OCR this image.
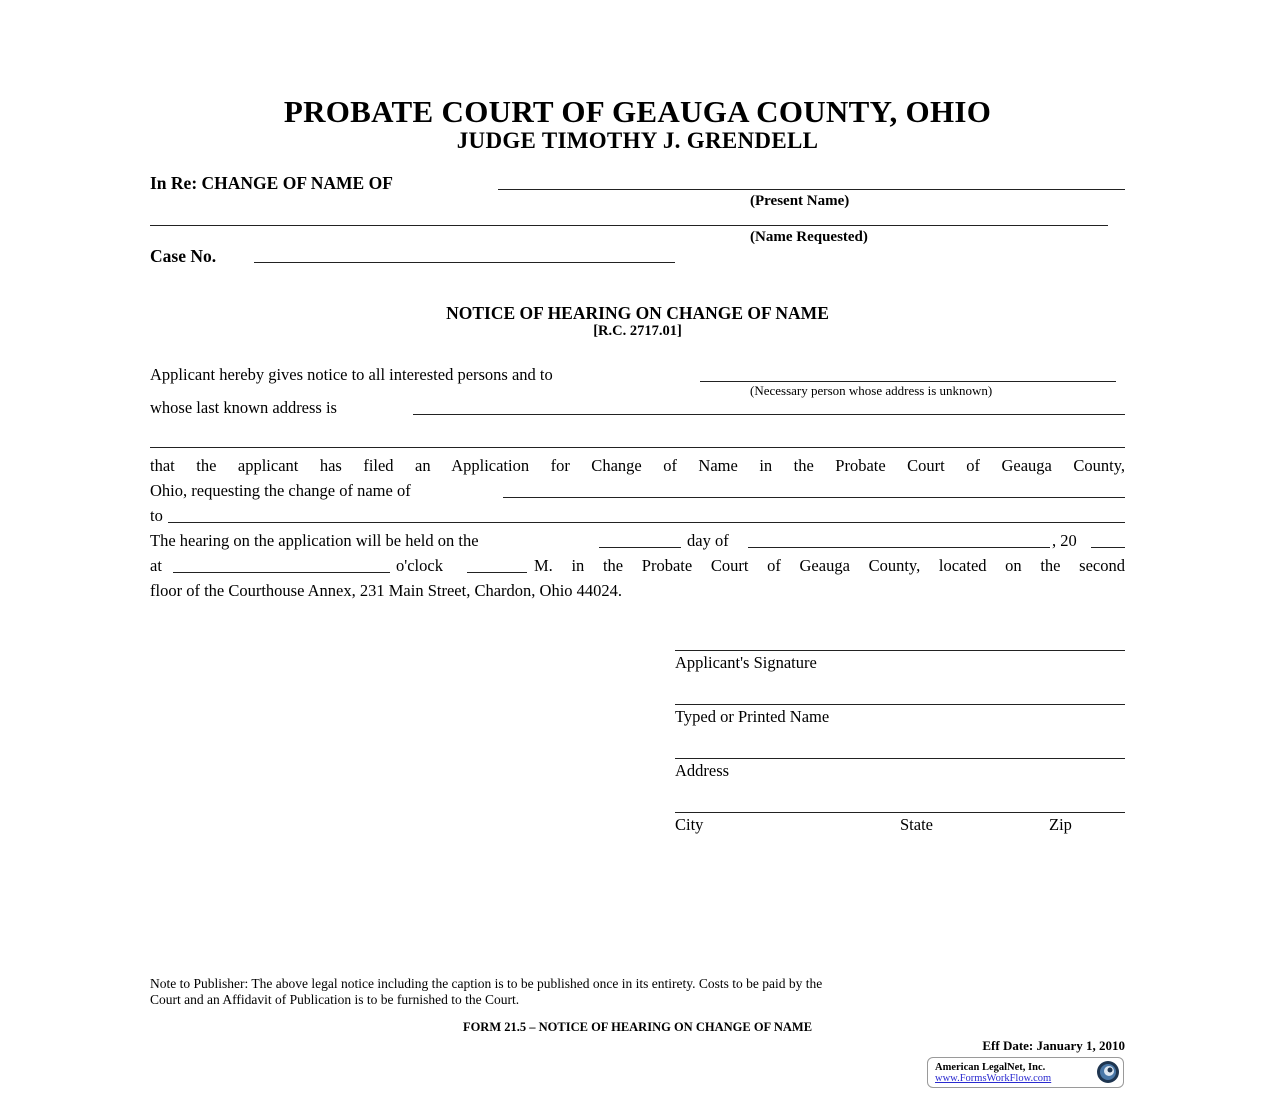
PROBATE COURT OF GEAUGA COUNTY, OHIO
JUDGE TIMOTHY J. GRENDELL
In Re: CHANGE OF NAME OF
(Present Name)
(Name Requested)
Case No.
NOTICE OF HEARING ON CHANGE OF NAME
[R.C. 2717.01]
Applicant hereby gives notice to all interested persons and to
(Necessary person whose address is unknown)
whose last known address is
that the applicant has filed an Application for Change of Name in the Probate Court of Geauga County,
Ohio, requesting the change of name of
to
The hearing on the application will be held on the	day of	, 20
at	o'clock	M. in the Probate Court of Geauga County, located on the second
floor of the Courthouse Annex, 231 Main Street, Chardon, Ohio 44024.
Applicant's Signature
Typed or Printed Name
Address
City	State	Zip
Note to Publisher: The above legal notice including the caption is to be published once in its entirety. Costs to be paid by the
Court and an Affidavit of Publication is to be furnished to the Court.
FORM 21.5 – NOTICE OF HEARING ON CHANGE OF NAME
Eff Date: January 1, 2010
American LegalNet, Inc.
www.FormsWorkFlow.com
